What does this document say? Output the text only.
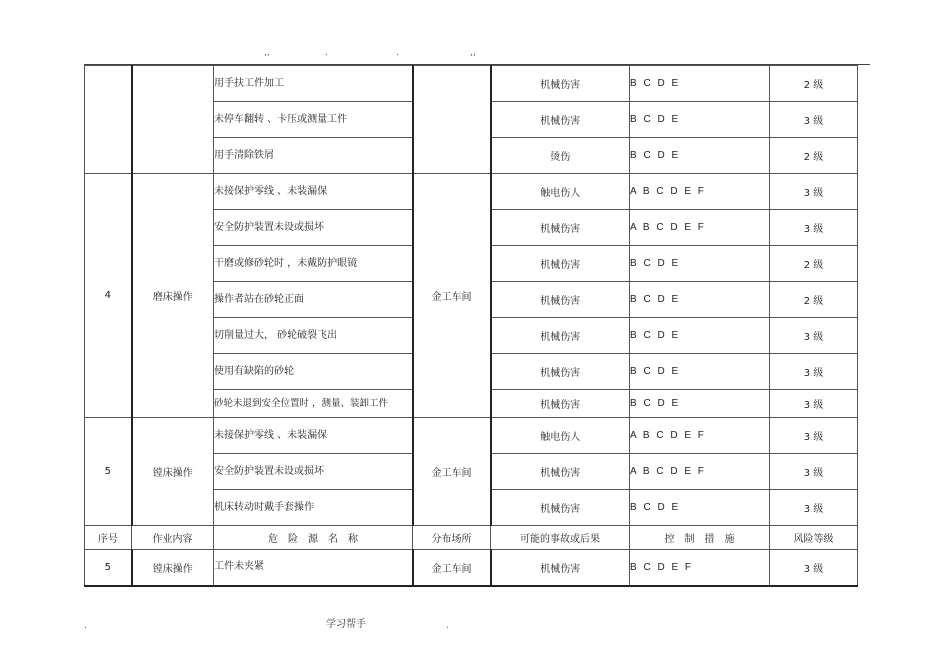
,,	.	.	,,
		用手扶工件加工		机械伤害	B C D E	2 级
		未停车翻转 、卡压或测量工件		机械伤害	B C D E	3 级
		用手清除铁屑		烫伤	B C D E	2 级
4	磨床操作	未接保护零线 、未装漏保	金工车间	触电伤人	A B C D E F	3 级
		安全防护装置未设或损坏		机械伤害	A B C D E F	3 级
		干磨或修砂轮时 ，未戴防护眼镜		机械伤害	B C D E	2 级
		操作者站在砂轮正面		机械伤害	B C D E	2 级
		切削量过大， 砂轮破裂飞出		机械伤害	B C D E	3 级
		使用有缺陷的砂轮		机械伤害	B C D E	3 级
		砂轮未退到安全位置时 ，测量、装卸工件		机械伤害	B C D E	3 级
5	镗床操作	未接保护零线 、未装漏保	金工车间	触电伤人	A B C D E F	3 级
		安全防护装置未设或损坏		机械伤害	A B C D E F	3 级
		机床转动时戴手套操作		机械伤害	B C D E	3 级
序号	作业内容	危　险　源　名　称	分布场所	可能的事故或后果	控　制　措　施	风险等级
5	镗床操作	工件未夹紧	金工车间	机械伤害	B C D E F	3 级
.	学习帮手	.
